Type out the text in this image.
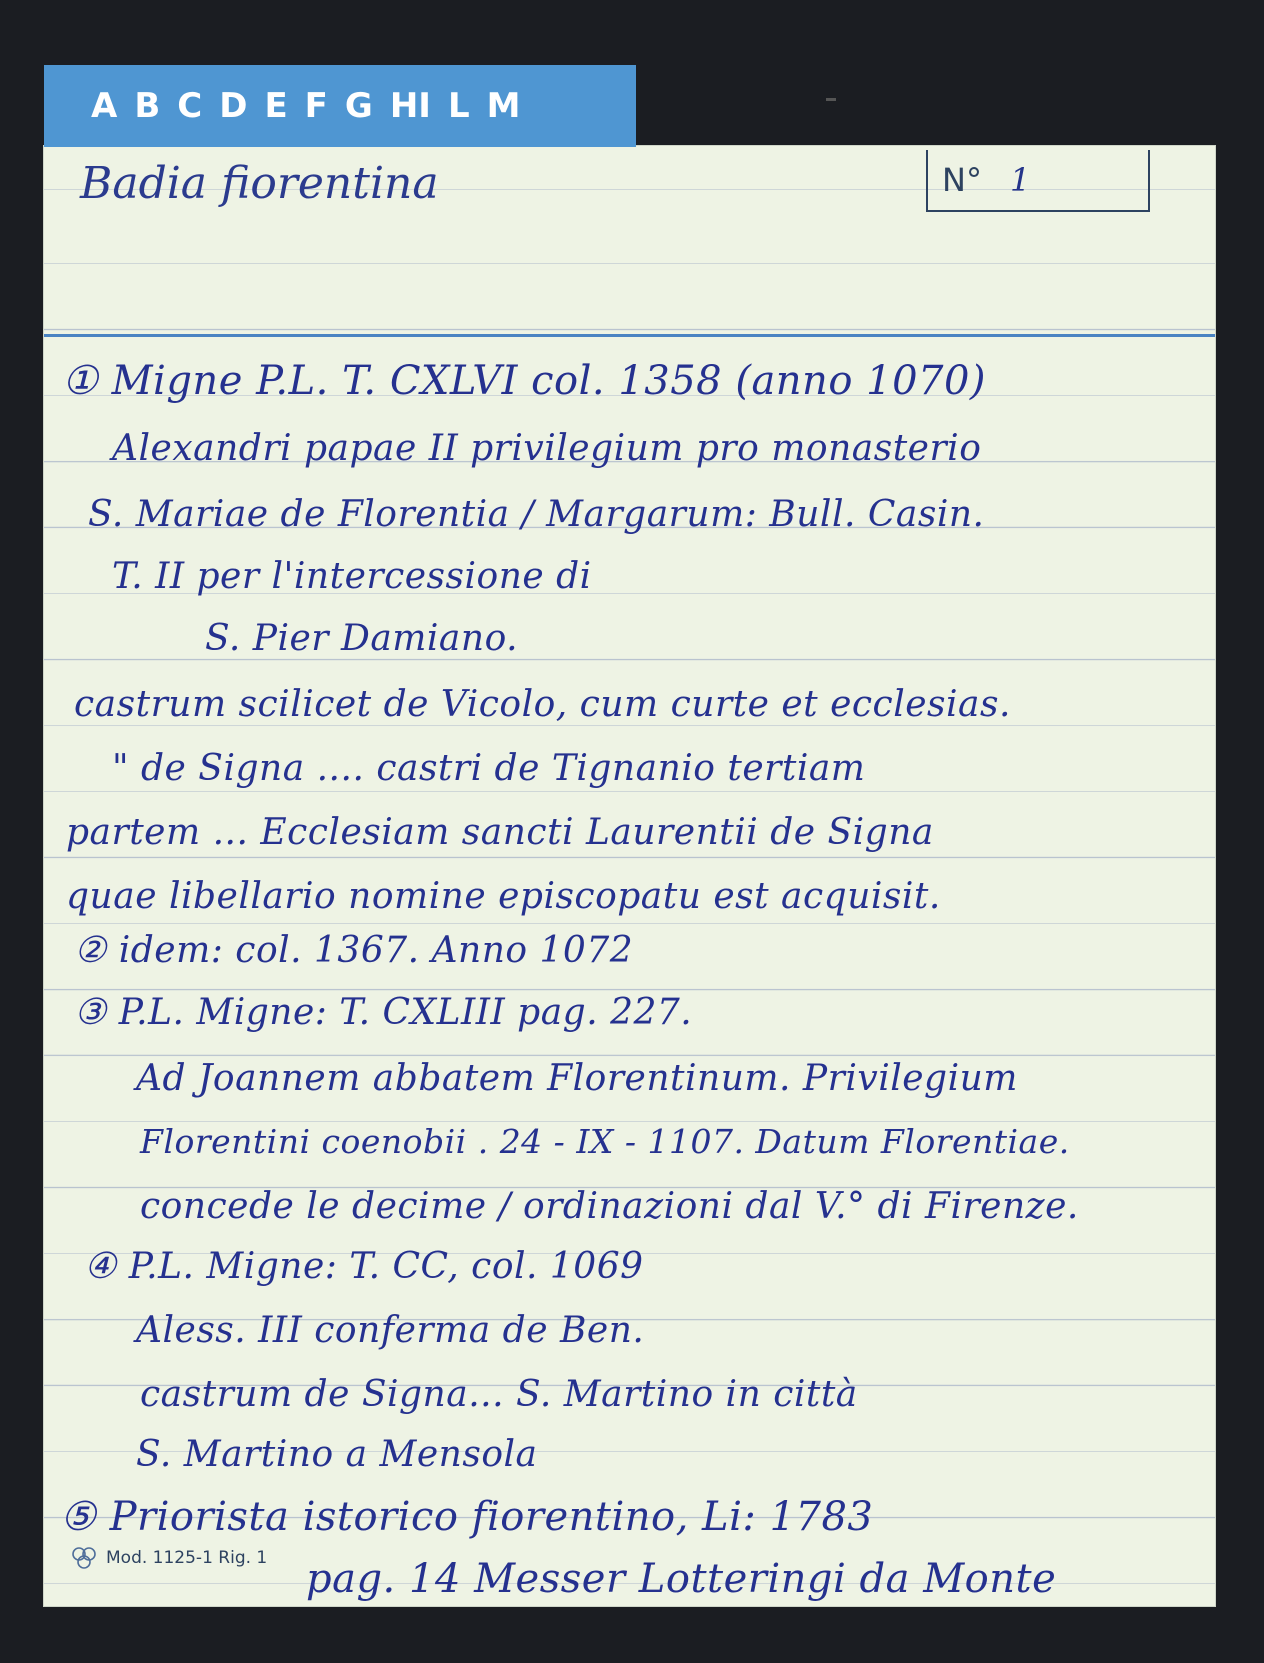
A B C D E F G HI L M
Badia fiorentina	N° 1
① Migne P.L. T. CXLVI col. 1358 (anno 1070)
Alexandri papae II privilegium pro monasterio
S. Mariae de Florentia / Margarum: Bull. Casin.
T. II per l'intercessione di
S. Pier Damiano.
castrum scilicet de Vicolo, cum curte et ecclesias.
" de Signa .... castri de Tignanio tertiam
partem ... Ecclesiam sancti Laurentii de Signa
quae libellario nomine episcopatu est acquisit.
② idem: col. 1367. Anno 1072
③ P.L. Migne: T. CXLIII pag. 227.
Ad Joannem abbatem Florentinum. Privilegium
Florentini coenobii . 24 - IX - 1107. Datum Florentiae.
concede le decime / ordinazioni dal V.° di Firenze.
④ P.L. Migne: T. CC, col. 1069
Aless. III conferma de Ben.
castrum de Signa... S. Martino in città
S. Martino a Mensola
⑤ Priorista istorico fiorentino, Li: 1783
pag. 14 Messer Lotteringi da Monte
Mod. 1125-1 Rig. 1
